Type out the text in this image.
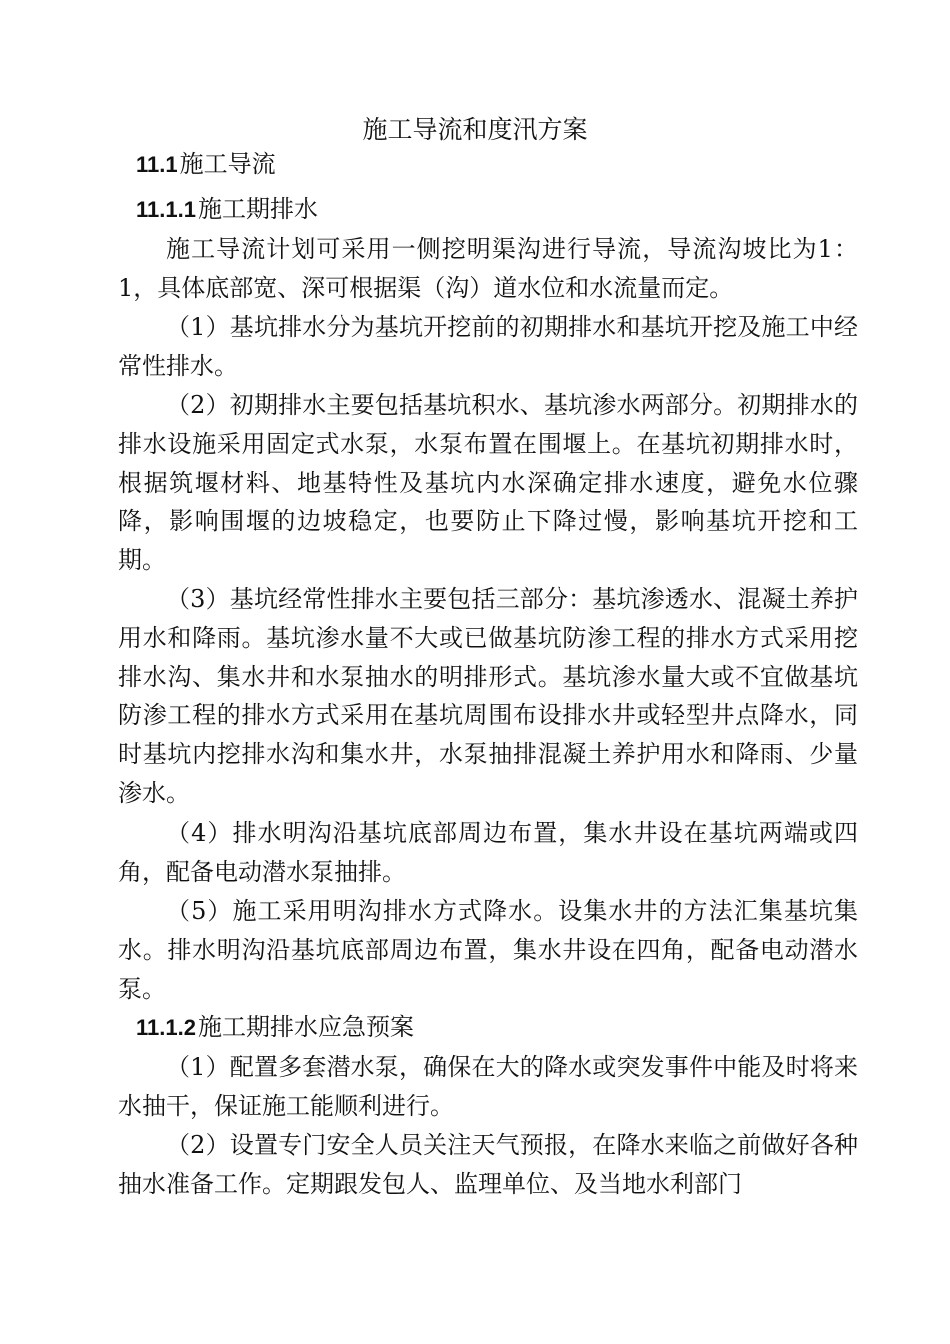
施工导流和度汛方案
11.1施工导流
11.1.1施工期排水

施工导流计划可采用一侧挖明渠沟进行导流，导流沟坡比为1：1，具体底部宽、深可根据渠（沟）道水位和水流量而定。

（1）基坑排水分为基坑开挖前的初期排水和基坑开挖及施工中经常性排水。

（2）初期排水主要包括基坑积水、基坑渗水两部分。初期排水的排水设施采用固定式水泵，水泵布置在围堰上。在基坑初期排水时，根据筑堰材料、地基特性及基坑内水深确定排水速度，避免水位骤降，影响围堰的边坡稳定，也要防止下降过慢，影响基坑开挖和工期。

（3）基坑经常性排水主要包括三部分：基坑渗透水、混凝土养护用水和降雨。基坑渗水量不大或已做基坑防渗工程的排水方式采用挖排水沟、集水井和水泵抽水的明排形式。基坑渗水量大或不宜做基坑防渗工程的排水方式采用在基坑周围布设排水井或轻型井点降水，同时基坑内挖排水沟和集水井，水泵抽排混凝土养护用水和降雨、少量渗水。

（4）排水明沟沿基坑底部周边布置，集水井设在基坑两端或四角，配备电动潜水泵抽排。

（5）施工采用明沟排水方式降水。设集水井的方法汇集基坑集水。排水明沟沿基坑底部周边布置，集水井设在四角，配备电动潜水泵。

11.1.2施工期排水应急预案

（1）配置多套潜水泵，确保在大的降水或突发事件中能及时将来水抽干，保证施工能顺利进行。

（2）设置专门安全人员关注天气预报，在降水来临之前做好各种抽水准备工作。定期跟发包人、监理单位、及当地水利部门
